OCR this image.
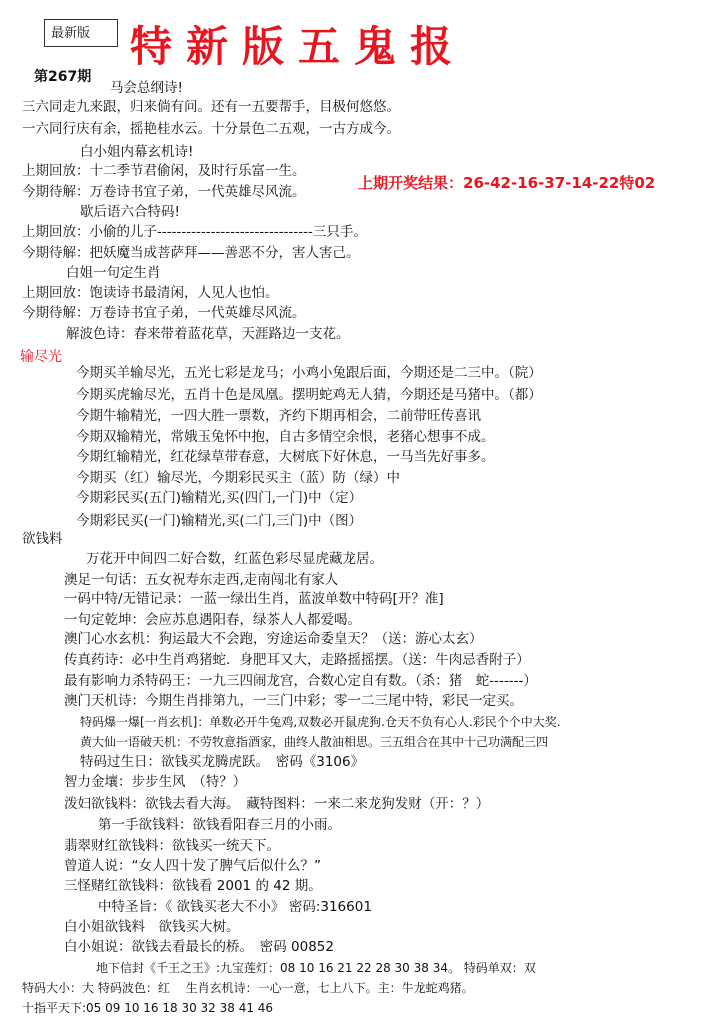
最新版 特新版五鬼报
第267期
上期开奖结果：26-42-16-37-14-22特02
输尽光
马会总纲诗!
三六同走九来跟，归来倘有问。还有一五要帮手，目极何悠悠。
一六同行庆有余，摇艳桂水云。十分景色二五观，一古方成今。
白小姐内幕玄机诗!
上期回放：十二季节君偷闲，及时行乐富一生。
今期待解：万卷诗书宜子弟，一代英雄尽风流。
歇后语六合特码!
上期回放：小偷的儿子--------------------------------三只手。
今期待解：把妖魔当成菩萨拜——善恶不分，害人害己。
白姐一句定生肖
上期回放：饱读诗书最清闲，人见人也怕。
今期待解：万卷诗书宜子弟，一代英雄尽风流。
解波色诗：春来带着蓝花草，天涯路边一支花。
今期买羊输尽光，五光七彩是龙马；小鸡小兔跟后面，今期还是二三中。（院）
今期买虎输尽光，五肖十色是凤凰。摆明蛇鸡无人猜，今期还是马猪中。（都）
今期牛输精光，一四大胜一票数，齐约下期再相会，二前带旺传喜讯
今期双输精光，常娥玉兔怀中抱，自古多情空余恨，老猪心想事不成。
今期红输精光，红花绿草带春意，大树底下好休息，一马当先好事多。
今期买（红）输尽光，今期彩民买主（蓝）防（绿）中
今期彩民买(五门)输精光,买(四门,一门)中（定）
今期彩民买(一门)输精光,买(二门,三门)中（图）
欲钱料
万花开中间四二好合数，红蓝色彩尽显虎藏龙居。
澳足一句话：五女祝寿东走西,走南闯北有家人
一码中特/无错记录：一蓝一绿出生肖，蓝波单数中特码[开？准]
一句定乾坤：会应苏息遇阳春，绿茶人人都爱喝。
澳门心水玄机：狗运最大不会跑，穷途运命委皇天？（送：游心太玄）
传真药诗：必中生肖鸡猪蛇．身肥耳又大，走路摇摇摆。（送：牛肉忌香附子）
最有影响力杀特码王：一九三四闹龙宫，合数心定自有数。（杀：猪　蛇-------）
澳门天机诗：今期生肖排第九，一三门中彩；零一二三尾中特，彩民一定买。
特码爆一爆[一肖玄机]：单数必开牛兔鸡,双数必开鼠虎狗.仓天不负有心人.彩民个个中大奖.
黄大仙一语破天机：不劳牧意指酒家，曲终人散油相思。三五组合在其中十己功满配三四
特码过生日：欲钱买龙腾虎跃。　密码《3106》
智力金壤：步步生风　（特？）
泼妇欲钱料：欲钱去看大海。　藏特图料：一来二来龙狗发财（开：？）
第一手欲钱料：欲钱看阳春三月的小雨。
翡翠财红欲钱料：欲钱买一统天下。
曾道人说：“女人四十发了脾气后似什么？”
三怪赌红欲钱料：欲钱看 2001 的 42 期。
中特圣旨：《 欲钱买老大不小》 密码:316601
白小姐欲钱料　欲钱买大树。
白小姐说：欲钱去看最长的桥。　密码 00852
地下信封《千王之王》:九宝莲灯：08 10 16 21 22 28 30 38 34。 特码单双：双
特码大小：大 特码波色：红　 生肖玄机诗：一心一意，七上八下。主：牛龙蛇鸡猪。
十指平天下:05 09 10 16 18 30 32 38 41 46
